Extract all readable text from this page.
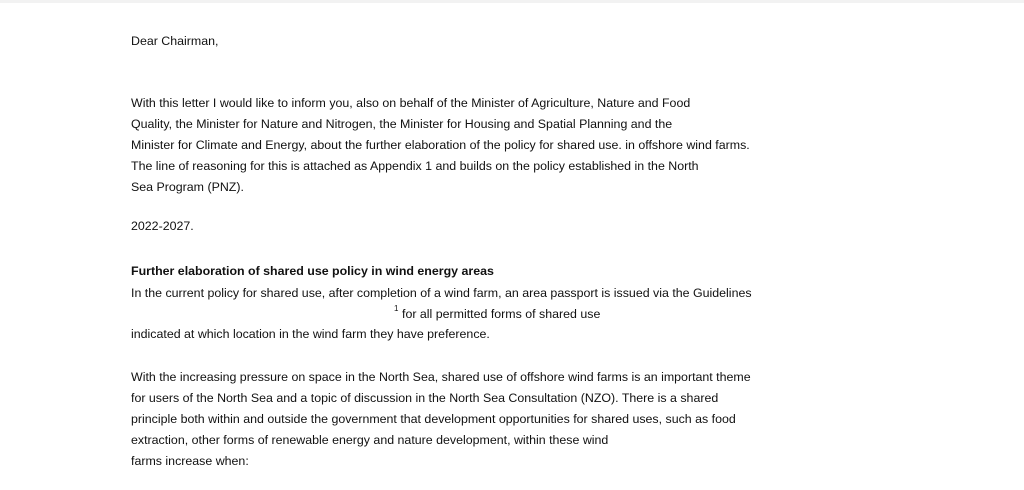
Dear Chairman,
With this letter I would like to inform you, also on behalf of the Minister of Agriculture, Nature and Food
Quality, the Minister for Nature and Nitrogen, the Minister for Housing and Spatial Planning and the
Minister for Climate and Energy, about the further elaboration of the policy for shared use. in offshore wind farms.
The line of reasoning for this is attached as Appendix 1 and builds on the policy established in the North
Sea Program (PNZ).
2022-2027.
Further elaboration of shared use policy in wind energy areas
In the current policy for shared use, after completion of a wind farm, an area passport is issued via the Guidelines
1 for all permitted forms of shared use
indicated at which location in the wind farm they have preference.
With the increasing pressure on space in the North Sea, shared use of offshore wind farms is an important theme
for users of the North Sea and a topic of discussion in the North Sea Consultation (NZO). There is a shared
principle both within and outside the government that development opportunities for shared uses, such as food
extraction, other forms of renewable energy and nature development, within these wind
farms increase when:
